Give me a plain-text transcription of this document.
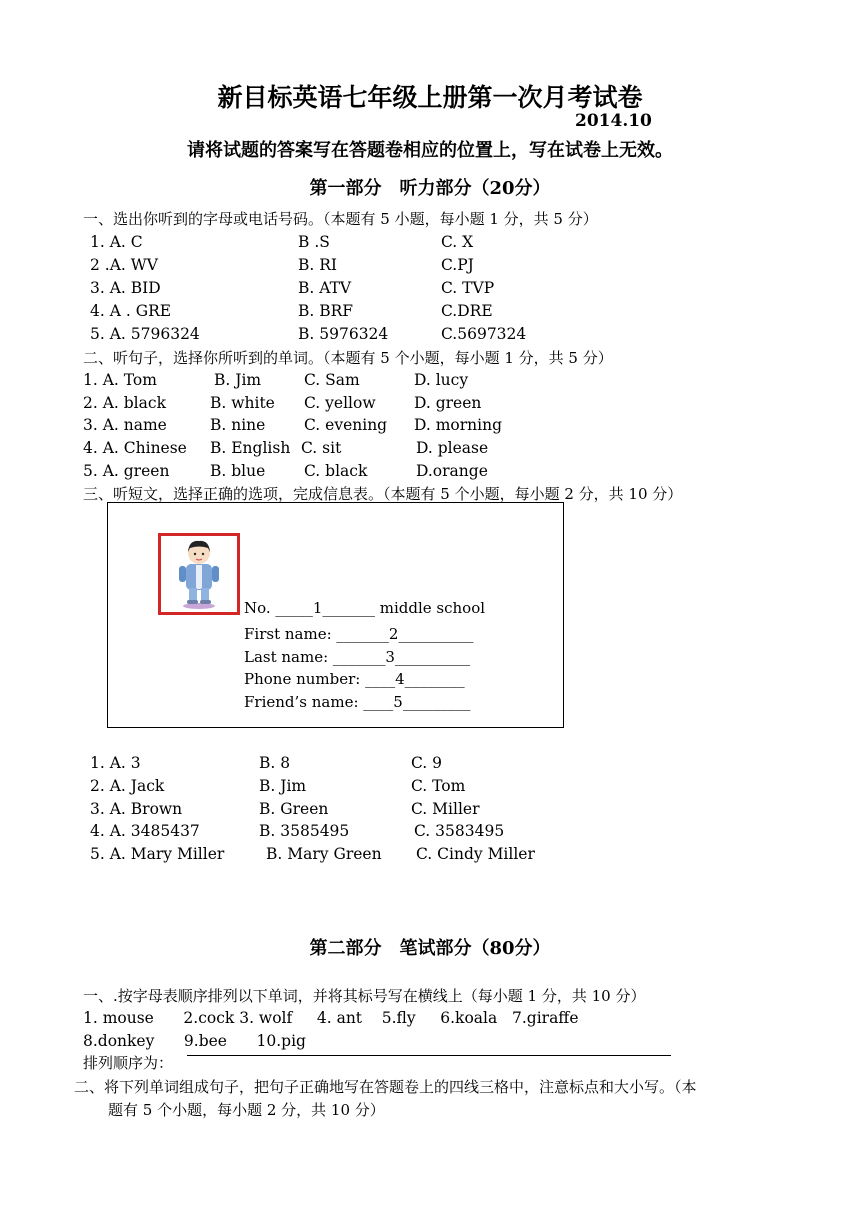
新目标英语七年级上册第一次月考试卷
2014.10
请将试题的答案写在答题卷相应的位置上，写在试卷上无效。
第一部分　听力部分（20分）
一、选出你听到的字母或电话号码。（本题有 5 小题，每小题 1 分，共 5 分）
1. A. C	B .S	C. X
2 .A. WV	B. RI	C.PJ
3. A. BID	B. ATV	C. TVP
4. A . GRE	B. BRF	C.DRE
5. A. 5796324	B. 5976324	C.5697324
二、听句子，选择你所听到的单词。（本题有 5 个小题，每小题 1 分，共 5 分）
1. A. Tom	B. Jim	C. Sam	D. lucy
2. A. black	B. white C. yellow D. green
3. A. name	B. nine C. evening D. morning
4. A. Chinese B. English C. sit	D. please
5. A. green	B. blue C. black	D.orange
三、听短文，选择正确的选项，完成信息表。（本题有 5 个小题，每小题 2 分，共 10 分）
No. _____1_______ middle school
First name: _______2__________
Last name: _______3__________
Phone number: ____4________
Friend’s name: ____5_________
1. A. 3	B. 8	C. 9
2. A. Jack	B. Jim	C. Tom
3. A. Brown	B. Green	C. Miller
4. A. 3485437	B. 3585495	C. 3583495
5. A. Mary Miller	B. Mary Green C. Cindy Miller
第二部分　笔试部分（80分）
一、.按字母表顺序排列以下单词，并将其标号写在横线上（每小题 1 分，共 10 分）
1. mouse      2.cock 3. wolf     4. ant    5.fly     6.koala   7.giraffe
8.donkey      9.bee      10.pig
排列顺序为：
二、将下列单词组成句子，把句子正确地写在答题卷上的四线三格中，注意标点和大小写。（本
题有 5 个小题，每小题 2 分，共 10 分）
